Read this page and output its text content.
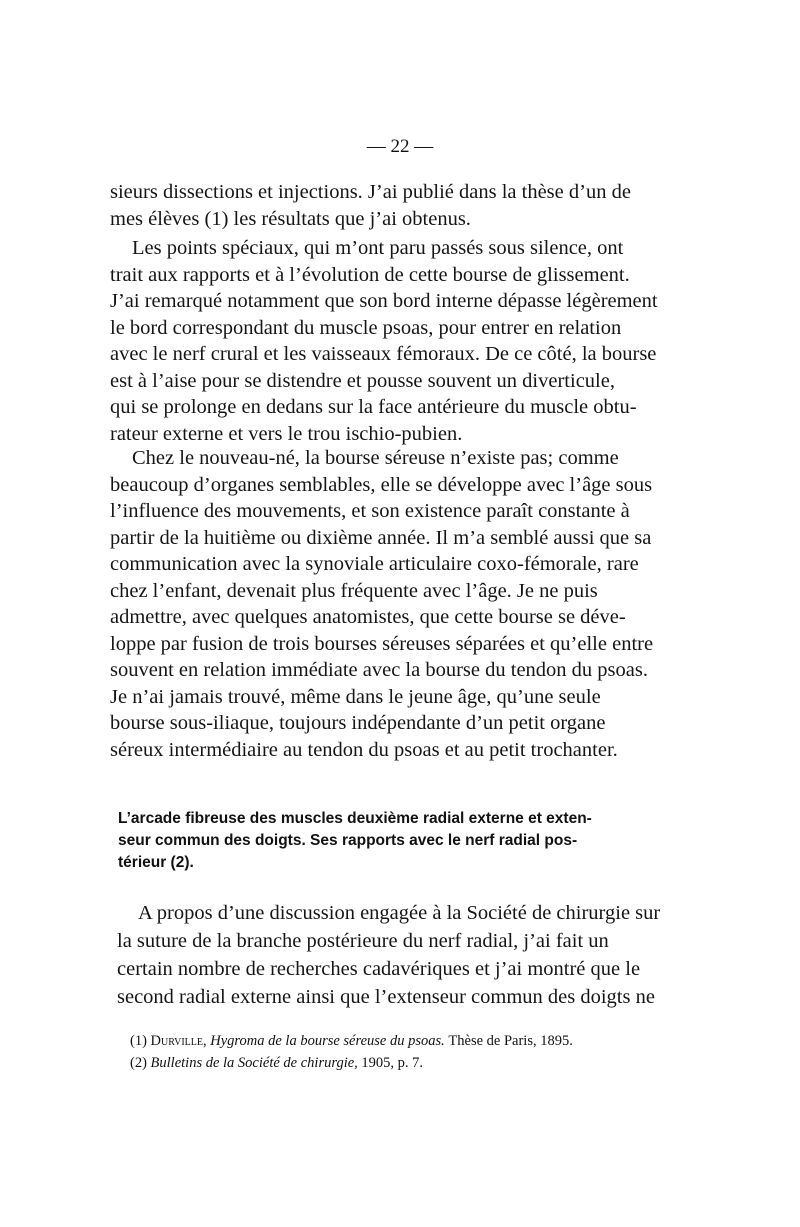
— 22 —
sieurs dissections et injections. J’ai publié dans la thèse d’un de
mes élèves (1) les résultats que j’ai obtenus.
Les points spéciaux, qui m’ont paru passés sous silence, ont
trait aux rapports et à l’évolution de cette bourse de glissement.
J’ai remarqué notamment que son bord interne dépasse légèrement
le bord correspondant du muscle psoas, pour entrer en relation
avec le nerf crural et les vaisseaux fémoraux. De ce côté, la bourse
est à l’aise pour se distendre et pousse souvent un diverticule,
qui se prolonge en dedans sur la face antérieure du muscle obtu-
rateur externe et vers le trou ischio-pubien.
Chez le nouveau-né, la bourse séreuse n’existe pas; comme
beaucoup d’organes semblables, elle se développe avec l’âge sous
l’influence des mouvements, et son existence paraît constante à
partir de la huitième ou dixième année. Il m’a semblé aussi que sa
communication avec la synoviale articulaire coxo-fémorale, rare
chez l’enfant, devenait plus fréquente avec l’âge. Je ne puis
admettre, avec quelques anatomistes, que cette bourse se déve-
loppe par fusion de trois bourses séreuses séparées et qu’elle entre
souvent en relation immédiate avec la bourse du tendon du psoas.
Je n’ai jamais trouvé, même dans le jeune âge, qu’une seule
bourse sous-iliaque, toujours indépendante d’un petit organe
séreux intermédiaire au tendon du psoas et au petit trochanter.
L’arcade fibreuse des muscles deuxième radial externe et exten-
seur commun des doigts. Ses rapports avec le nerf radial pos-
térieur (2).
A propos d’une discussion engagée à la Société de chirurgie sur
la suture de la branche postérieure du nerf radial, j’ai fait un
certain nombre de recherches cadavériques et j’ai montré que le
second radial externe ainsi que l’extenseur commun des doigts ne
(1)
Durville,
Hygroma de la bourse séreuse du psoas.
Thèse de Paris, 1895.
(2)
Bulletins de la Société de chirurgie,
1905, p. 7.
